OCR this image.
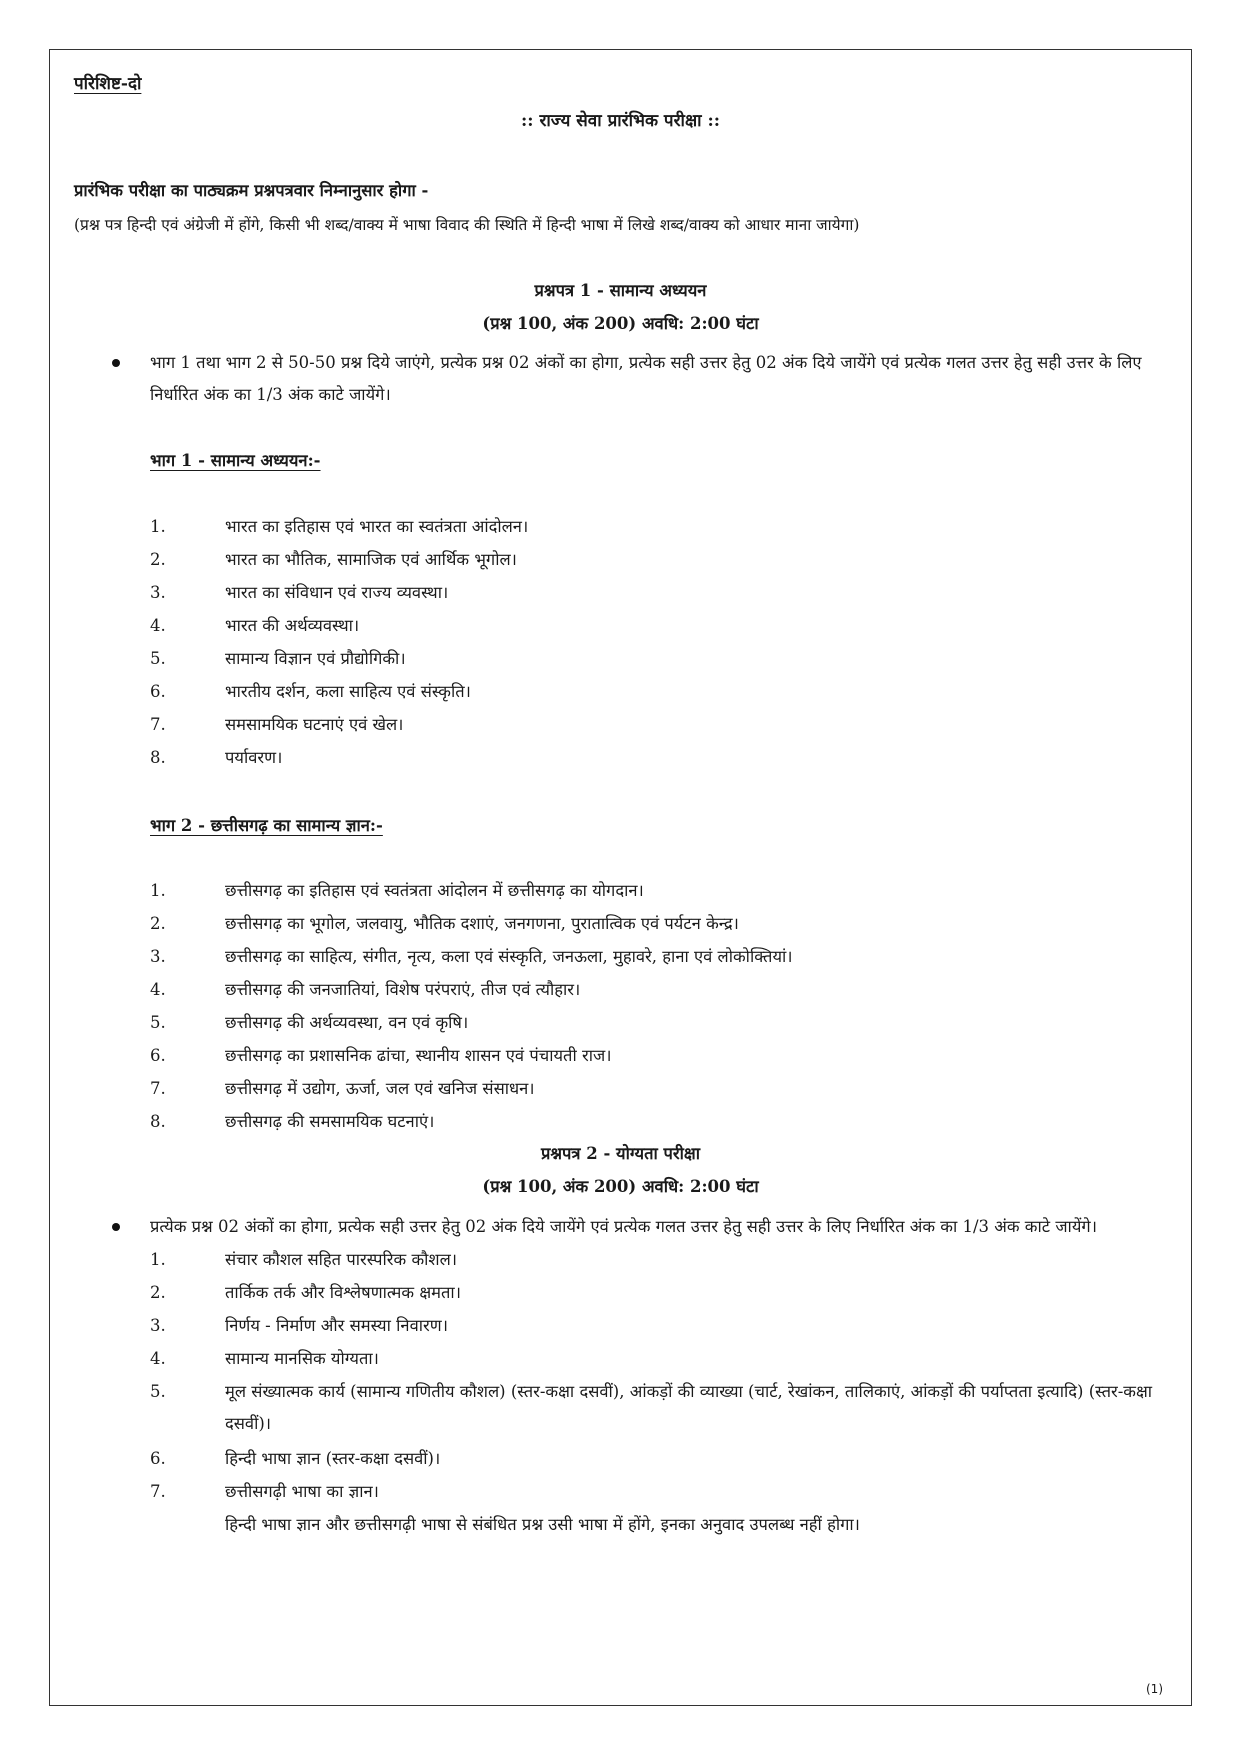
परिशिष्ट-दो
:: राज्य सेवा प्रारंभिक परीक्षा ::
प्रारंभिक परीक्षा का पाठ्यक्रम प्रश्नपत्रवार निम्नानुसार होगा -
(प्रश्न पत्र हिन्दी एवं अंग्रेजी में होंगे, किसी भी शब्द/वाक्य में भाषा विवाद की स्थिति में हिन्दी भाषा में लिखे शब्द/वाक्य को आधार माना जायेगा)
प्रश्नपत्र 1 - सामान्य अध्ययन
(प्रश्न 100, अंक 200) अवधि: 2:00 घंटा
भाग 1 तथा भाग 2 से 50-50 प्रश्न दिये जाएंगे, प्रत्येक प्रश्न 02 अंकों का होगा, प्रत्येक सही उत्तर हेतु 02 अंक दिये जायेंगे एवं प्रत्येक गलत उत्तर हेतु सही उत्तर के लिए निर्धारित अंक का 1/3 अंक काटे जायेंगे।
भाग 1 - सामान्य अध्ययन:-
1.	भारत का इतिहास एवं भारत का स्वतंत्रता आंदोलन।
2.	भारत का भौतिक, सामाजिक एवं आर्थिक भूगोल।
3.	भारत का संविधान एवं राज्य व्यवस्था।
4.	भारत की अर्थव्यवस्था।
5.	सामान्य विज्ञान एवं प्रौद्योगिकी।
6.	भारतीय दर्शन, कला साहित्य एवं संस्कृति।
7.	समसामयिक घटनाएं एवं खेल।
8.	पर्यावरण।
भाग 2 - छत्तीसगढ़ का सामान्य ज्ञान:-
1.	छत्तीसगढ़ का इतिहास एवं स्वतंत्रता आंदोलन में छत्तीसगढ़ का योगदान।
2.	छत्तीसगढ़ का भूगोल, जलवायु, भौतिक दशाएं, जनगणना, पुरातात्विक एवं पर्यटन केन्द्र।
3.	छत्तीसगढ़ का साहित्य, संगीत, नृत्य, कला एवं संस्कृति, जनऊला, मुहावरे, हाना एवं लोकोक्तियां।
4.	छत्तीसगढ़ की जनजातियां, विशेष परंपराएं, तीज एवं त्यौहार।
5.	छत्तीसगढ़ की अर्थव्यवस्था, वन एवं कृषि।
6.	छत्तीसगढ़ का प्रशासनिक ढांचा, स्थानीय शासन एवं पंचायती राज।
7.	छत्तीसगढ़ में उद्योग, ऊर्जा, जल एवं खनिज संसाधन।
8.	छत्तीसगढ़ की समसामयिक घटनाएं।
प्रश्नपत्र 2 - योग्यता परीक्षा
(प्रश्न 100, अंक 200) अवधि: 2:00 घंटा
प्रत्येक प्रश्न 02 अंकों का होगा, प्रत्येक सही उत्तर हेतु 02 अंक दिये जायेंगे एवं प्रत्येक गलत उत्तर हेतु सही उत्तर के लिए निर्धारित अंक का 1/3 अंक काटे जायेंगे।
1.	संचार कौशल सहित पारस्परिक कौशल।
2.	तार्किक तर्क और विश्लेषणात्मक क्षमता।
3.	निर्णय - निर्माण और समस्या निवारण।
4.	सामान्य मानसिक योग्यता।
5.	मूल संख्यात्मक कार्य (सामान्य गणितीय कौशल) (स्तर-कक्षा दसवीं), आंकड़ों की व्याख्या (चार्ट, रेखांकन, तालिकाएं, आंकड़ों की पर्याप्तता इत्यादि) (स्तर-कक्षा दसवीं)।
6.	हिन्दी भाषा ज्ञान (स्तर-कक्षा दसवीं)।
7.	छत्तीसगढ़ी भाषा का ज्ञान।
हिन्दी भाषा ज्ञान और छत्तीसगढ़ी भाषा से संबंधित प्रश्न उसी भाषा में होंगे, इनका अनुवाद उपलब्ध नहीं होगा।
(1)
